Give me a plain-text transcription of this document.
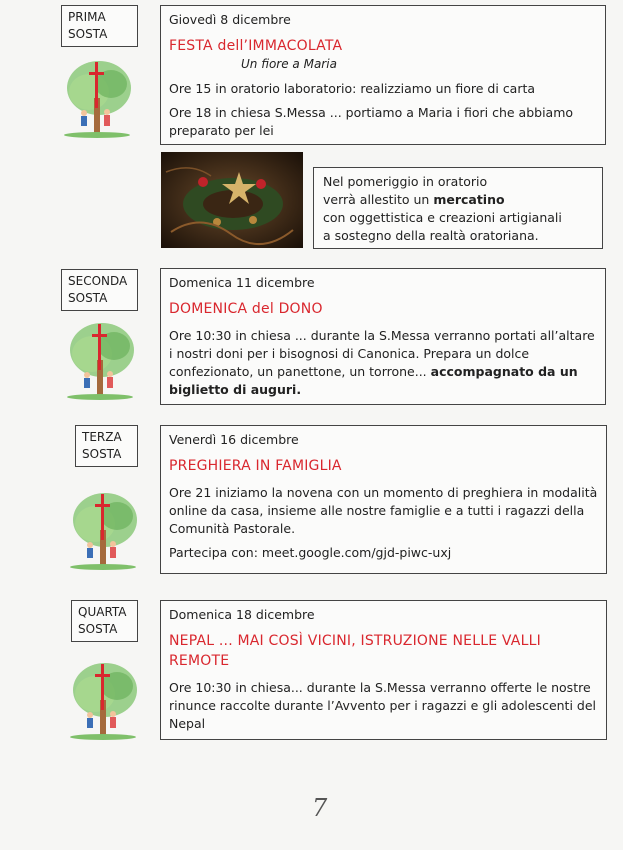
PRIMA
SOSTA
Giovedì 8 dicembre
FESTA dell’IMMACOLATA
Un fiore a Maria
Ore 15 in oratorio laboratorio: realizziamo un fiore di carta
Ore 18 in chiesa S.Messa ... portiamo a Maria i fiori che abbiamo preparato per lei
Nel pomeriggio in oratorio
verrà allestito un mercatino
con oggettistica e creazioni artigianali
a sostegno della realtà oratoriana.
SECONDA
SOSTA
Domenica 11 dicembre
DOMENICA del DONO
Ore 10:30 in chiesa ... durante la S.Messa verranno portati all’altare i nostri doni per i bisognosi di Canonica. Prepara un dolce confezionato, un panettone, un torrone... accompagnato da un biglietto di auguri.
TERZA
SOSTA
Venerdì 16 dicembre
PREGHIERA IN FAMIGLIA
Ore 21 iniziamo la novena con un momento di preghiera in modalità online da casa, insieme alle nostre famiglie e a tutti i ragazzi della Comunità Pastorale.
Partecipa con: meet.google.com/gjd-piwc-uxj
QUARTA
SOSTA
Domenica 18 dicembre
NEPAL ... MAI COSÌ VICINI, ISTRUZIONE NELLE VALLI REMOTE
Ore 10:30 in chiesa... durante la S.Messa verranno offerte le nostre rinunce raccolte durante l’Avvento per i ragazzi e gli adolescenti del Nepal
7
